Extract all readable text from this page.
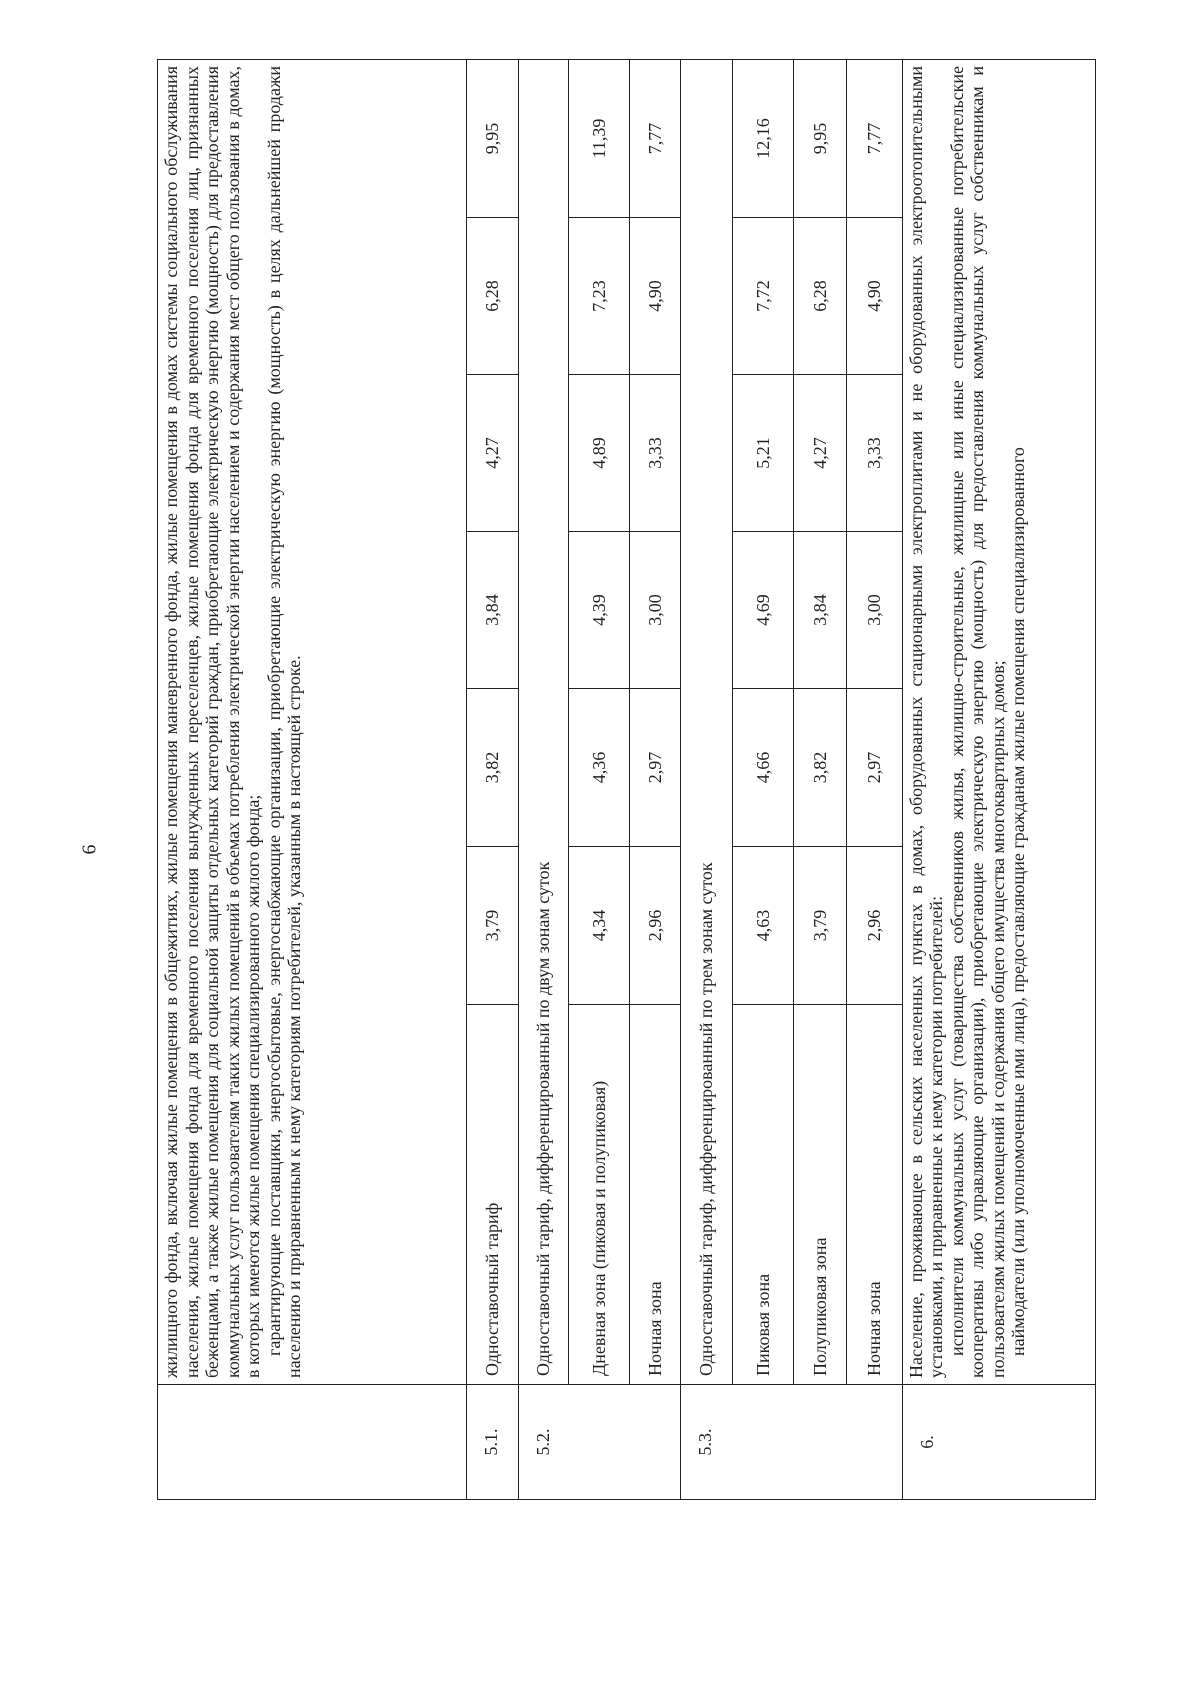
6

	жилищного фонда, включая жилые помещения в общежитиях, жилые помещения маневренного фонда, жилые помещения в домах системы социального обслуживания населения, жилые помещения фонда для временного поселения вынужденных переселенцев, жилые помещения фонда для временного поселения лиц, признанных беженцами, а также жилые помещения для социальной защиты отдельных категорий граждан, приобретающие электрическую энергию (мощность) для предоставления коммунальных услуг пользователям таких жилых помещений в объемах потребления электрической энергии населением и содержания мест общего пользования в домах, в которых имеются жилые помещения специализированного жилого фонда; гарантирующие поставщики, энергосбытовые, энергоснабжающие организации, приобретающие электрическую энергию (мощность) в целях дальнейшей продажи населению и приравненным к нему категориям потребителей, указанным в настоящей строке.						

5.1.	Одноставочный тариф	3,79	3,82	3,84	4,27	6,28	9,95
5.2.	Одноставочный тариф, дифференцированный по двум зонам суток						
	Дневная зона (пиковая и полупиковая)	4,34	4,36	4,39	4,89	7,23	11,39
	Ночная зона	2,96	2,97	3,00	3,33	4,90	7,77
5.3.	Одноставочный тариф, дифференцированный по трем зонам суток						
	Пиковая зона	4,63	4,66	4,69	5,21	7,72	12,16
	Полупиковая зона	3,79	3,82	3,84	4,27	6,28	9,95
	Ночная зона	2,96	2,97	3,00	3,33	4,90	7,77
6.	Население, проживающее в сельских населенных пунктах в домах, оборудованных стационарными электроплитами и не оборудованных электроотопительными установками, и приравненные к нему категории потребителей: исполнители коммунальных услуг (товарищества собственников жилья, жилищно-строительные, жилищные или иные специализированные потребительские кооперативы либо управляющие организации), приобретающие электрическую энергию (мощность) для предоставления коммунальных услуг собственникам и пользователям жилых помещений и содержания общего имущества многоквартирных домов; наймодатели (или уполномоченные ими лица), предоставляющие гражданам жилые помещения специализированного						
